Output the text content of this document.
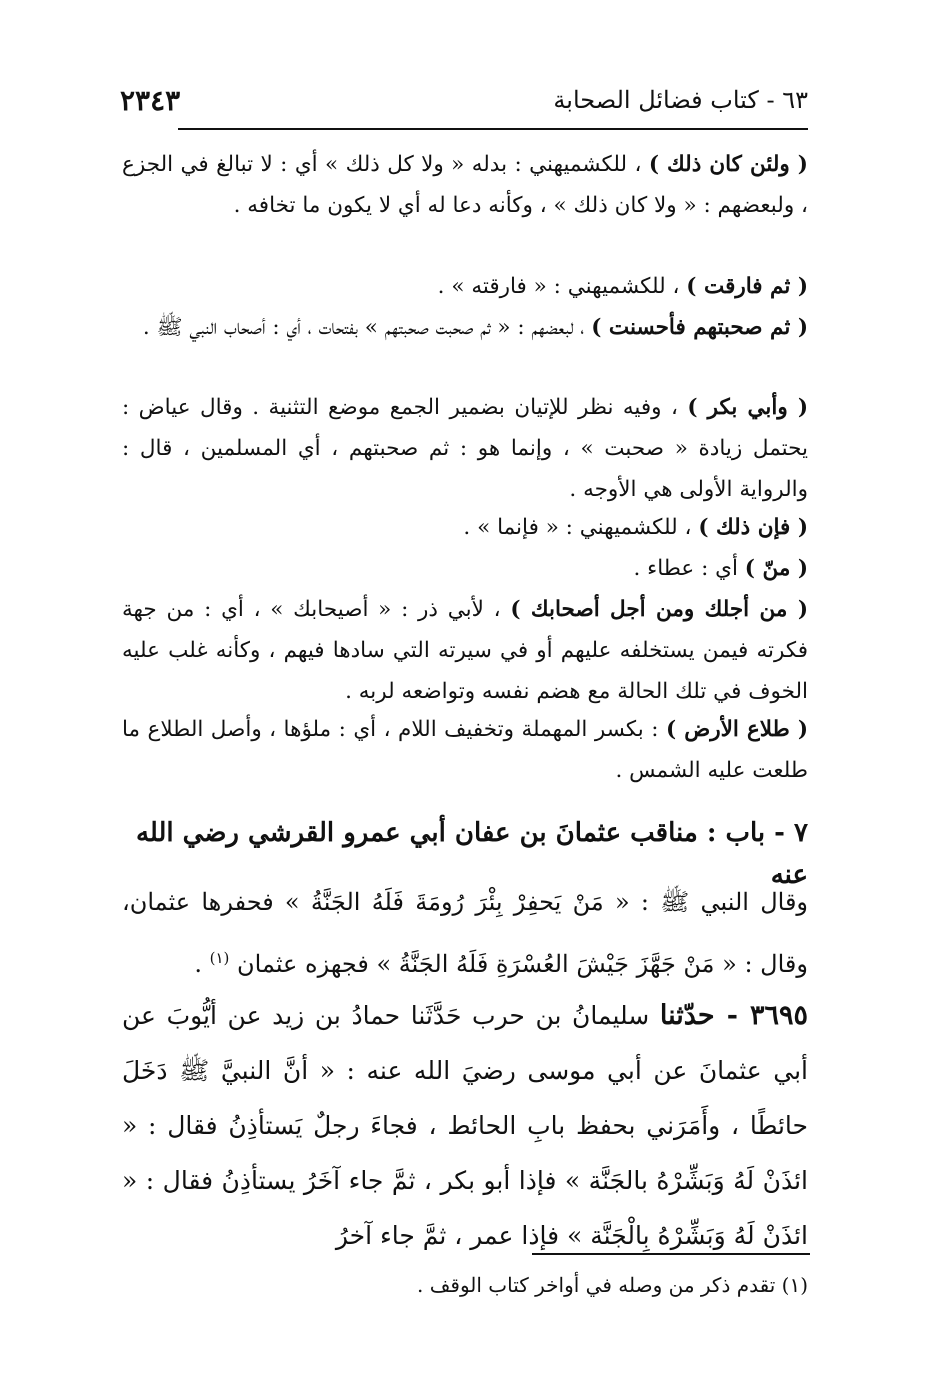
٢٣٤٣	٦٣ - كتاب فضائل الصحابة
( ولئن كان ذلك ) ، للكشميهني : بدله « ولا كل ذلك » أي : لا تبالغ في الجزع ، ولبعضهم : « ولا كان ذلك » ، وكأنه دعا له أي لا يكون ما تخافه .
( ثم فارقت ) ، للكشميهني : « فارقته » .
( ثم صحبتهم فأحسنت ) ، لبعضهم : « ثم صحبت صحبتهم » بفتحات ، أي : أصحاب النبي ﷺ .
( وأبي بكر ) ، وفيه نظر للإتيان بضمير الجمع موضع التثنية . وقال عياض : يحتمل زيادة « صحبت » ، وإنما هو : ثم صحبتهم ، أي المسلمين ، قال : والرواية الأولى هي الأوجه .
( فإن ذلك ) ، للكشميهني : « فإنما » .
( منّ ) أي : عطاء .
( من أجلك ومن أجل أصحابك ) ، لأبي ذر : « أصيحابك » ، أي : من جهة فكرته فيمن يستخلفه عليهم أو في سيرته التي سادها فيهم ، وكأنه غلب عليه الخوف في تلك الحالة مع هضم نفسه وتواضعه لربه .
( طلاع الأرض ) : بكسر المهملة وتخفيف اللام ، أي : ملؤها ، وأصل الطلاع ما طلعت عليه الشمس .
٧ - باب : مناقب عثمانَ بن عفان أبي عمرو القرشي رضي الله عنه
وقال النبي ﷺ : « مَنْ يَحفِرْ بِئْرَ رُومَةَ فَلَهُ الجَنَّةُ » فحفرها عثمان، وقال : « مَنْ جَهَّزَ جَيْشَ العُسْرَةِ فَلَهُ الجَنَّةُ » فجهزه عثمان $^{(١)}$ .
٣٦٩٥ - حدّثنا سليمانُ بن حرب حَدَّثَنا حمادُ بن زيد عن أيُّوبَ عن أبي عثمانَ عن أبي موسى رضيَ الله عنه : « أنَّ النبيَّ ﷺ دَخَلَ حائطًا ، وأَمَرَني بحفظ بابِ الحائط ، فجاءَ رجلٌ يَستأذِنُ فقال : « ائذَنْ لَهُ وَبَشِّرْهُ بالجَنَّة » فإذا أبو بكر ، ثمَّ جاء آخَرُ يستأذِنُ فقال : « ائذَنْ لَهُ وَبَشِّرْهُ بِالْجَنَّة » فإذا عمر ، ثمَّ جاء آخرُ
(١) تقدم ذكر من وصله في أواخر كتاب الوقف .
